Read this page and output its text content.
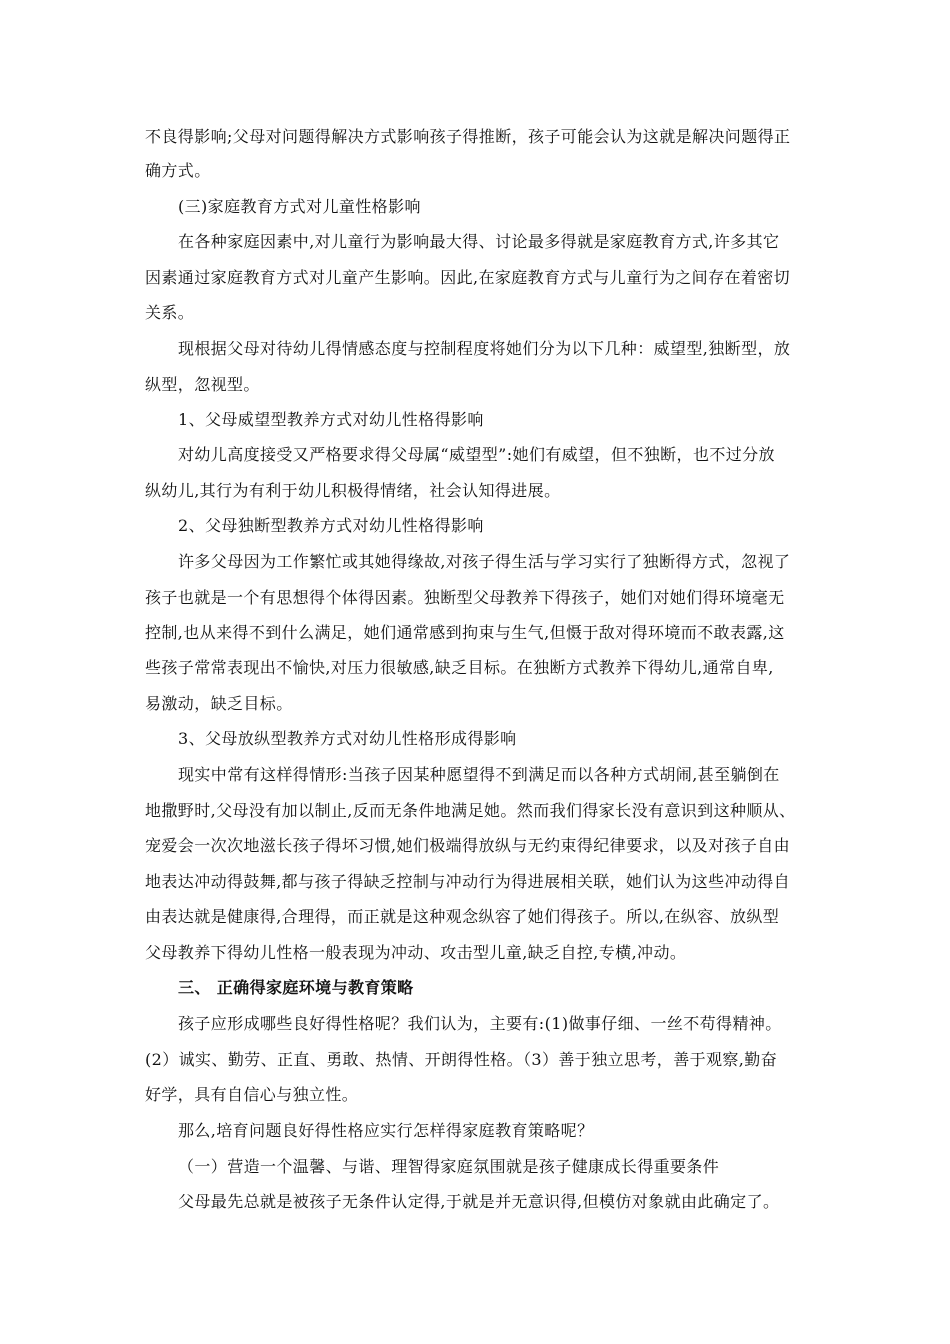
不良得影响;父母对问题得解决方式影响孩子得推断，孩子可能会认为这就是解决问题得正
确方式。
(三)家庭教育方式对儿童性格影响
在各种家庭因素中,对儿童行为影响最大得、讨论最多得就是家庭教育方式,许多其它
因素通过家庭教育方式对儿童产生影响。因此,在家庭教育方式与儿童行为之间存在着密切
关系。
现根据父母对待幼儿得情感态度与控制程度将她们分为以下几种：威望型,独断型，放
纵型，忽视型。
1、父母威望型教养方式对幼儿性格得影响
对幼儿高度接受又严格要求得父母属“威望型”:她们有威望，但不独断，也不过分放
纵幼儿,其行为有利于幼儿积极得情绪，社会认知得进展。
2、父母独断型教养方式对幼儿性格得影响
许多父母因为工作繁忙或其她得缘故,对孩子得生活与学习实行了独断得方式，忽视了
孩子也就是一个有思想得个体得因素。独断型父母教养下得孩子，她们对她们得环境毫无
控制,也从来得不到什么满足，她们通常感到拘束与生气,但慑于敌对得环境而不敢表露,这
些孩子常常表现出不愉快,对压力很敏感,缺乏目标。在独断方式教养下得幼儿,通常自卑,
易激动，缺乏目标。
3、父母放纵型教养方式对幼儿性格形成得影响
现实中常有这样得情形:当孩子因某种愿望得不到满足而以各种方式胡闹,甚至躺倒在
地撒野时,父母没有加以制止,反而无条件地满足她。然而我们得家长没有意识到这种顺从、
宠爱会一次次地滋长孩子得坏习惯,她们极端得放纵与无约束得纪律要求，以及对孩子自由
地表达冲动得鼓舞,都与孩子得缺乏控制与冲动行为得进展相关联，她们认为这些冲动得自
由表达就是健康得,合理得，而正就是这种观念纵容了她们得孩子。所以,在纵容、放纵型
父母教养下得幼儿性格一般表现为冲动、攻击型儿童,缺乏自控,专横,冲动。
三、 正确得家庭环境与教育策略
孩子应形成哪些良好得性格呢？我们认为，主要有:(1)做事仔细、一丝不苟得精神。
(2）诚实、勤劳、正直、勇敢、热情、开朗得性格。（3）善于独立思考，善于观察,勤奋
好学，具有自信心与独立性。
那么,培育问题良好得性格应实行怎样得家庭教育策略呢？
（一）营造一个温馨、与谐、理智得家庭氛围就是孩子健康成长得重要条件
父母最先总就是被孩子无条件认定得,于就是并无意识得,但模仿对象就由此确定了。
